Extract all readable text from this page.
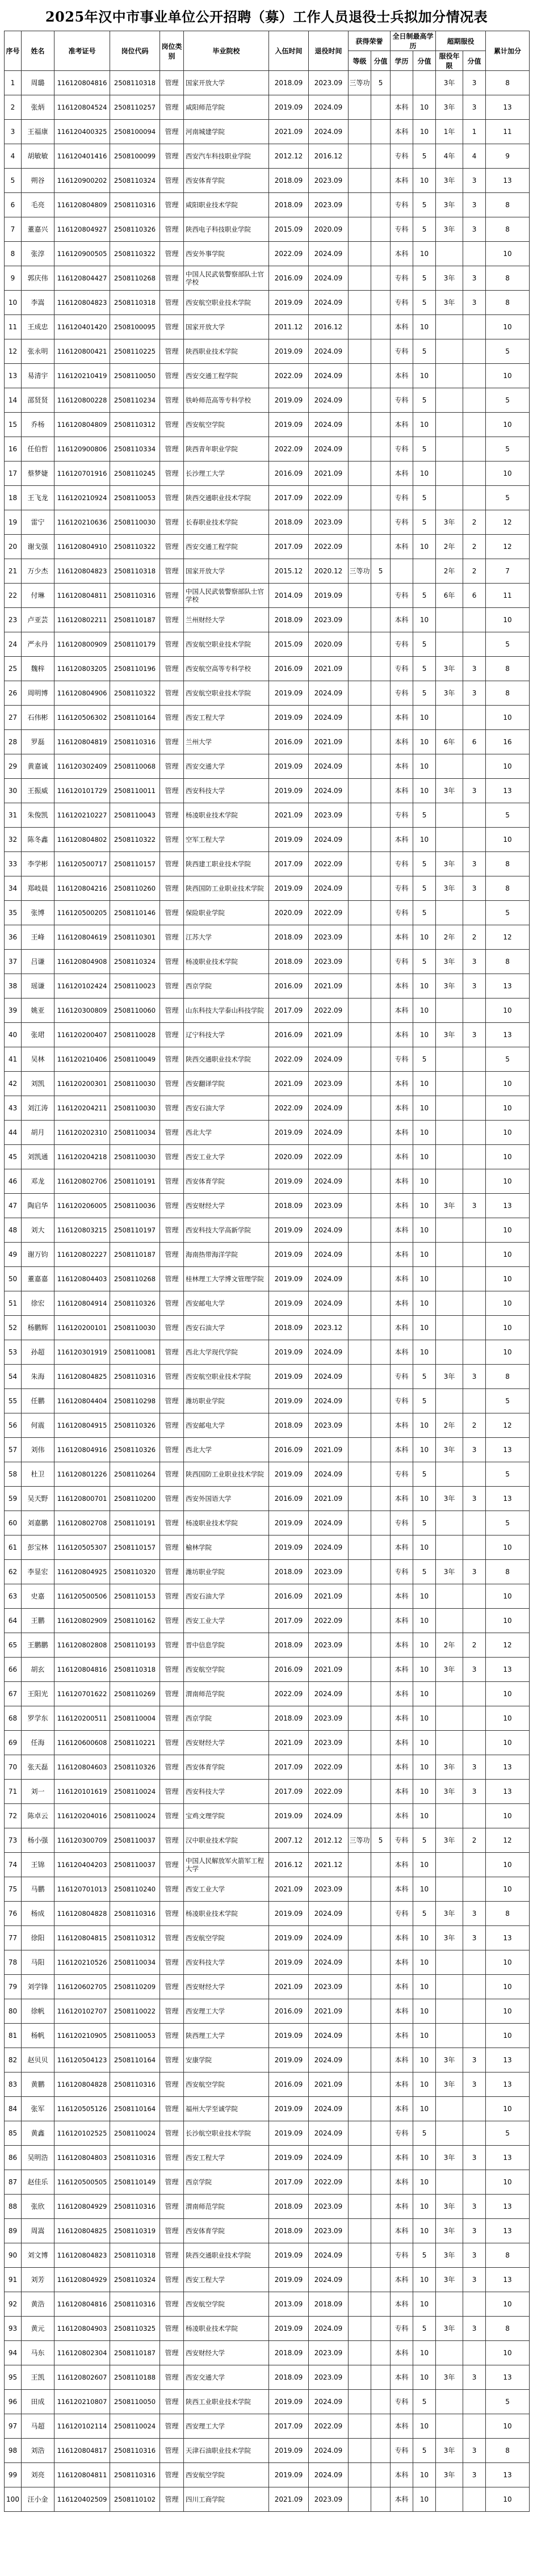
2025年汉中市事业单位公开招聘（募）工作人员退役士兵拟加分情况表
序号	姓名	准考证号	岗位代码	岗位类别	毕业院校	入伍时间	退役时间	获得荣誉		全日制最高学历		超期服役		累计加分
								等级	分值	学历	分值	服役年限	分值	
1	周璐	116120804816	2508110318	管理	国家开放大学	2018.09	2023.09	三等功	5			3年	3	8
2	张炳	116120804524	2508110257	管理	咸阳师范学院	2019.09	2024.09			本科	10	3年	3	13
3	王福康	116120400325	2508100094	管理	河南城建学院	2021.09	2024.09			本科	10	1年	1	11
4	胡敏敏	116120401416	2508100099	管理	西安汽车科技职业学院	2012.12	2016.12			专科	5	4年	4	9
5	朔谷	116120900202	2508110324	管理	西安体育学院	2018.09	2023.09			本科	10	3年	3	13
6	毛亮	116120804809	2508110316	管理	咸阳职业技术学院	2018.09	2023.09			专科	5	3年	3	8
7	董嘉兴	116120804927	2508110326	管理	陕西电子科技职业学院	2015.09	2020.09			专科	5	3年	3	8
8	张淳	116120900505	2508110322	管理	西安外事学院	2022.09	2024.09			本科	10			10
9	郭庆伟	116120804427	2508110268	管理	中国人民武装警察部队士官学校	2016.09	2024.09			专科	5	3年	3	8
10	李嵩	116120804823	2508110318	管理	西安航空职业技术学院	2019.09	2024.09			专科	5	3年	3	8
11	王成忠	116120401420	2508100095	管理	国家开放大学	2011.12	2016.12			本科	10			10
12	张永明	116120800421	2508110225	管理	陕西职业技术学院	2019.09	2024.09			专科	5			5
13	易清宇	116120210419	2508110050	管理	西安交通工程学院	2022.09	2024.09			本科	10			10
14	邵贤贤	116120800228	2508110234	管理	铁岭师范高等专科学校	2019.09	2024.09			专科	5			5
15	乔杨	116120804809	2508110312	管理	西安航空学院	2019.09	2024.09			本科	10			10
16	任伯哲	116120900806	2508110334	管理	陕西青年职业学院	2022.09	2024.09			专科	5			5
17	蔡梦婕	116120701916	2508110245	管理	长沙理工大学	2016.09	2021.09			本科	10			10
18	王飞龙	116120210924	2508110053	管理	陕西交通职业技术学院	2017.09	2022.09			专科	5			5
19	雷宁	116120210636	2508110030	管理	长春职业技术学院	2018.09	2023.09			专科	5	3年	2	12
20	谢戈强	116120804910	2508110322	管理	西安交通工程学院	2017.09	2022.09			本科	10	2年	2	12
21	万少杰	116120804823	2508110318	管理	国家开放大学	2015.12	2020.12	三等功	5			2年	2	7
22	付琳	116120804811	2508110316	管理	中国人民武装警察部队士官学校	2014.09	2019.09			专科	5	6年	6	11
23	卢亚芸	116120802211	2508110187	管理	兰州财经大学	2018.09	2023.09			本科	10			10
24	严永丹	116120800909	2508110179	管理	西安航空职业技术学院	2015.09	2020.09			专科	5			5
25	魏梓	116120803205	2508110196	管理	西安航空高等专科学校	2016.09	2021.09			专科	5	3年	3	8
26	周明博	116120804906	2508110322	管理	西安航空职业技术学院	2019.09	2024.09			专科	5	3年	3	8
27	石伟彬	116120506302	2508110164	管理	西安工程大学	2019.09	2024.09			本科	10			10
28	罗磊	116120804819	2508110316	管理	兰州大学	2016.09	2021.09			本科	10	6年	6	16
29	黄嘉诚	116120302409	2508110068	管理	西安交通大学	2019.09	2024.09			本科	10			10
30	王振威	116120101729	2508110011	管理	西安科技大学	2019.09	2024.09			本科	10	3年	3	13
31	朱俊凯	116120210227	2508110043	管理	杨凌职业技术学院	2021.09	2023.09			专科	5			5
32	陈冬鑫	116120804802	2508110322	管理	空军工程大学	2019.09	2024.09			本科	10			10
33	李学彬	116120500717	2508110157	管理	陕西建工职业技术学院	2017.09	2022.09			专科	5	3年	3	8
34	郑岐晨	116120804216	2508110260	管理	陕西国防工业职业技术学院	2019.09	2024.09			专科	5	3年	3	8
35	张博	116120500205	2508110146	管理	保险职业学院	2020.09	2022.09			专科	5			5
36	王峰	116120804619	2508110301	管理	江苏大学	2018.09	2023.09			本科	10	2年	2	12
37	吕谦	116120804908	2508110324	管理	杨凌职业技术学院	2018.09	2023.09			专科	5	3年	3	8
38	瑶谦	116120102424	2508110023	管理	西京学院	2016.09	2021.09			本科	10	3年	3	13
39	姚亚	116120300809	2508110060	管理	山东科技大学泰山科技学院	2017.09	2022.09			本科	10			10
40	张珺	116120200407	2508110028	管理	辽宁科技大学	2016.09	2021.09			本科	10	3年	3	13
41	吴林	116120210406	2508110049	管理	陕西交通职业技术学院	2022.09	2024.09			专科	5			5
42	刘凯	116120200301	2508110030	管理	西安翻译学院	2021.09	2023.09			本科	10			10
43	刘江涛	116120204211	2508110030	管理	西安石油大学	2022.09	2024.09			本科	10			10
44	胡月	116120202310	2508110034	管理	西北大学	2019.09	2024.09			本科	10			10
45	刘凯通	116120204218	2508110030	管理	西安工业大学	2020.09	2022.09			本科	10			10
46	邓龙	116120802706	2508110191	管理	西安体育学院	2019.09	2024.09			本科	10			10
47	陶启华	116120206005	2508110036	管理	西安财经大学	2018.09	2023.09			本科	10	3年	3	13
48	刘大	116120803215	2508110197	管理	西安科技大学高新学院	2019.09	2024.09			本科	10			10
49	谢万钧	116120802227	2508110187	管理	海南热带海洋学院	2019.09	2024.09			本科	10			10
50	董嘉嘉	116120804403	2508110268	管理	桂林理工大学博文管理学院	2019.09	2024.09			本科	10			10
51	徐宏	116120804914	2508110326	管理	西安邮电大学	2019.09	2024.09			本科	10			10
52	杨鹏辉	116120200101	2508110030	管理	西安石油大学	2018.09	2023.12			本科	10			10
53	孙超	116120301919	2508110081	管理	西北大学现代学院	2019.09	2024.09			本科	10			10
54	朱海	116120804825	2508110316	管理	西安航空职业技术学院	2019.09	2024.09			专科	5	3年	3	8
55	任鹏	116120804404	2508110298	管理	潍坊职业学院	2019.09	2024.09			专科	5			5
56	何震	116120804915	2508110326	管理	西安邮电大学	2018.09	2023.09			本科	10	2年	2	12
57	刘伟	116120804916	2508110326	管理	西北大学	2016.09	2021.09			本科	10	3年	3	13
58	杜卫	116120801226	2508110264	管理	陕西国防工业职业技术学院	2019.09	2024.09			专科	5			5
59	吴天野	116120800701	2508110200	管理	西安外国语大学	2016.09	2021.09			本科	10	3年	3	13
60	刘嘉鹏	116120802708	2508110191	管理	杨凌职业技术学院	2019.09	2024.09			专科	5			5
61	彭宝林	116120505307	2508110157	管理	榆林学院	2019.09	2024.09			本科	10			10
62	李显宏	116120804925	2508110320	管理	潍坊职业学院	2018.09	2023.09			专科	5	3年	3	8
63	史嘉	116120500506	2508110153	管理	西安石油大学	2016.09	2021.09			本科	10			10
64	王鹏	116120802909	2508110162	管理	西安工业大学	2017.09	2022.09			本科	10			10
65	王鹏鹏	116120802808	2508110193	管理	晋中信息学院	2018.09	2023.09			本科	10	2年	2	12
66	胡玄	116120804816	2508110318	管理	西安航空学院	2016.09	2021.09			本科	10	3年	3	13
67	王阳光	116120701622	2508110269	管理	渭南师范学院	2022.09	2024.09			本科	10			10
68	罗学东	116120200511	2508110004	管理	西京学院	2018.09	2023.09			本科	10			10
69	任海	116120600608	2508110221	管理	西安财经大学	2021.09	2023.09			本科	10			10
70	张天磊	116120804603	2508110326	管理	西安体育学院	2017.09	2022.09			本科	10	3年	3	13
71	刘一	116120101619	2508110024	管理	西安科技大学	2017.09	2022.09			本科	10	3年	3	13
72	陈卓云	116120204016	2508110024	管理	宝鸡文理学院	2019.09	2024.09			本科	10			10
73	杨小强	116120300709	2508110037	管理	汉中职业技术学院	2007.12	2012.12	三等功	5	专科	5	3年	2	12
74	王锦	116120404203	2508110037	管理	中国人民解放军火箭军工程大学	2016.12	2021.12			本科	10			10
75	马鹏	116120701013	2508110240	管理	西安工业大学	2021.09	2023.09			本科	10			10
76	杨成	116120804828	2508110316	管理	杨凌职业技术学院	2019.09	2024.09			专科	5	3年	3	8
77	徐阳	116120804815	2508110312	管理	西安航空学院	2019.09	2024.09			本科	10	3年	3	13
78	马阳	116120210526	2508110034	管理	西安科技大学	2019.09	2024.09			本科	10			10
79	刘学锋	116120602705	2508110209	管理	西安财经大学	2021.09	2023.09			本科	10			10
80	徐帆	116120102707	2508110022	管理	西安理工大学	2016.09	2021.09			本科	10			10
81	杨帆	116120210905	2508110053	管理	陕西理工大学	2019.09	2024.09			本科	10			10
82	赵贝贝	116120504123	2508110164	管理	安康学院	2019.09	2024.09			本科	10	3年	3	13
83	黄鹏	116120804828	2508110316	管理	西安航空学院	2016.09	2021.09			本科	10	3年	3	13
84	张军	116120505126	2508110164	管理	福州大学至诚学院	2019.09	2024.09			本科	10			10
85	黄鑫	116120102525	2508110024	管理	长沙航空职业技术学院	2019.09	2024.09			专科	5			5
86	吴明浩	116120804803	2508110316	管理	西安工程大学	2019.09	2024.09			本科	10	3年	3	13
87	赵佳乐	116120500505	2508110149	管理	西京学院	2017.09	2022.09			本科	10			10
88	张欣	116120804929	2508110316	管理	渭南师范学院	2018.09	2023.09			本科	10	3年	3	13
89	周嵩	116120804825	2508110319	管理	西安体育学院	2018.09	2023.09			本科	10	3年	3	13
90	刘文博	116120804823	2508110318	管理	陕西交通职业技术学院	2019.09	2024.09			专科	5	3年	3	8
91	刘芳	116120804929	2508110324	管理	西安工程大学	2019.09	2024.09			本科	10	3年	3	13
92	黄浩	116120804816	2508110316	管理	西安航空学院	2013.09	2018.09			本科	10			10
93	黄元	116120804903	2508110325	管理	杨凌职业技术学院	2019.09	2024.09			专科	5	3年	3	8
94	马东	116120802304	2508110187	管理	西安财经大学	2018.09	2023.09			本科	10			10
95	王凯	116120802607	2508110188	管理	西安交通大学	2018.09	2023.09			本科	10	3年	3	13
96	田成	116120210807	2508110050	管理	陕西工业职业技术学院	2019.09	2024.09			专科	5			5
97	马超	116120102114	2508110024	管理	西安理工大学	2017.09	2022.09			本科	10			10
98	刘浩	116120804817	2508110316	管理	天津石油职业技术学院	2019.09	2024.09			专科	5	3年	3	8
99	刘亮	116120804811	2508110316	管理	西安航空学院	2019.09	2024.09			本科	10	3年	3	13
100	汪小金	116120402509	2508110102	管理	四川工商学院	2021.09	2023.09			本科	10			10
